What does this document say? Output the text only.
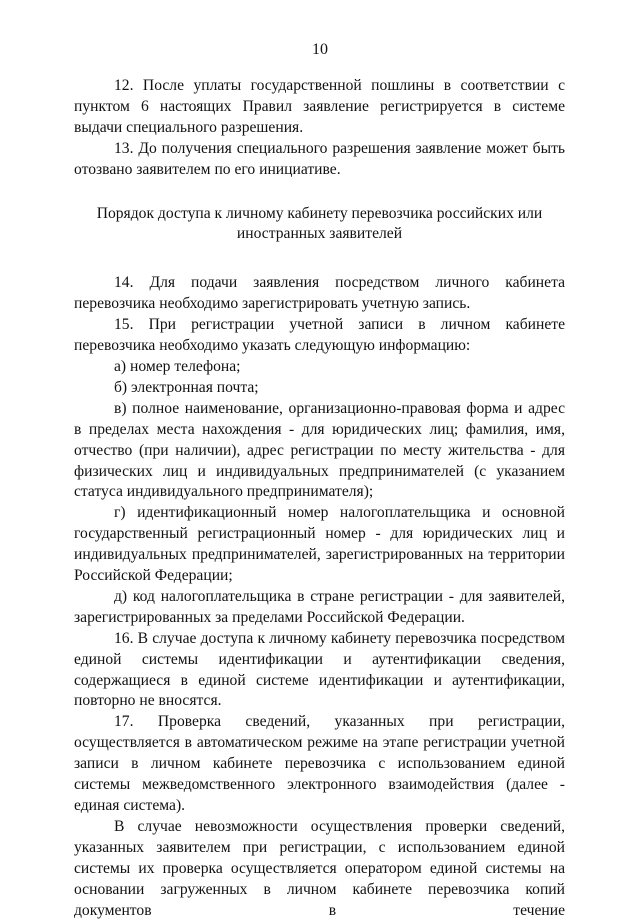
10

12. После уплаты государственной пошлины в соответствии с пунктом 6 настоящих Правил заявление регистрируется в системе выдачи специального разрешения.

13. До получения специального разрешения заявление может быть отозвано заявителем по его инициативе.

Порядок доступа к личному кабинету перевозчика российских или иностранных заявителей

14. Для подачи заявления посредством личного кабинета перевозчика необходимо зарегистрировать учетную запись.

15. При регистрации учетной записи в личном кабинете перевозчика необходимо указать следующую информацию:

а) номер телефона;

б) электронная почта;

в) полное наименование, организационно-правовая форма и адрес в пределах места нахождения - для юридических лиц; фамилия, имя, отчество (при наличии), адрес регистрации по месту жительства - для физических лиц и индивидуальных предпринимателей (с указанием статуса индивидуального предпринимателя);

г) идентификационный номер налогоплательщика и основной государственный регистрационный номер - для юридических лиц и индивидуальных предпринимателей, зарегистрированных на территории Российской Федерации;

д) код налогоплательщика в стране регистрации - для заявителей, зарегистрированных за пределами Российской Федерации.

16. В случае доступа к личному кабинету перевозчика посредством единой системы идентификации и аутентификации сведения, содержащиеся в единой системе идентификации и аутентификации, повторно не вносятся.

17. Проверка сведений, указанных при регистрации, осуществляется в автоматическом режиме на этапе регистрации учетной записи в личном кабинете перевозчика с использованием единой системы межведомственного электронного взаимодействия (далее - единая система).

В случае невозможности осуществления проверки сведений, указанных заявителем при регистрации, с использованием единой системы их проверка осуществляется оператором единой системы на основании загруженных в личном кабинете перевозчика копий документов в течение
